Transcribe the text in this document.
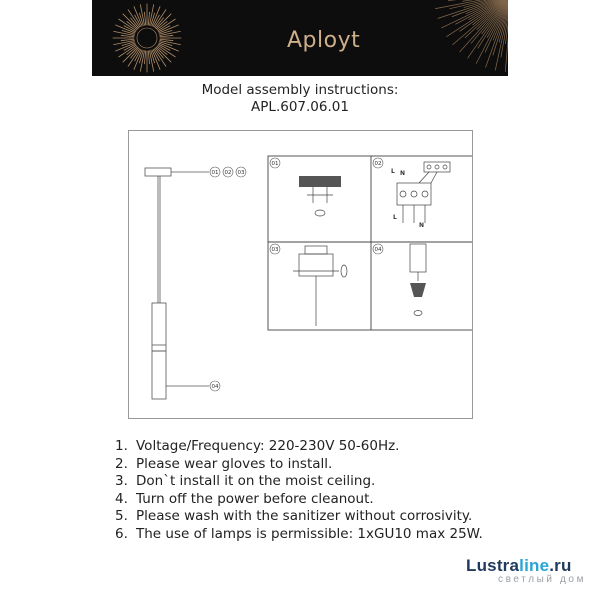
Aployt
Model assembly instructions:
APL.607.06.01
01 02 03
04
01	02
L N
L
N
03	04
1. Voltage/Frequency: 220-230V 50-60Hz.
2. Please wear gloves to install.
3. Don`t install it on the moist ceiling.
4. Turn off the power before cleanout.
5. Please wash with the sanitizer without corrosivity.
6. The use of lamps is permissible: 1xGU10 max 25W.
Lustraline.ru
светлый дом
